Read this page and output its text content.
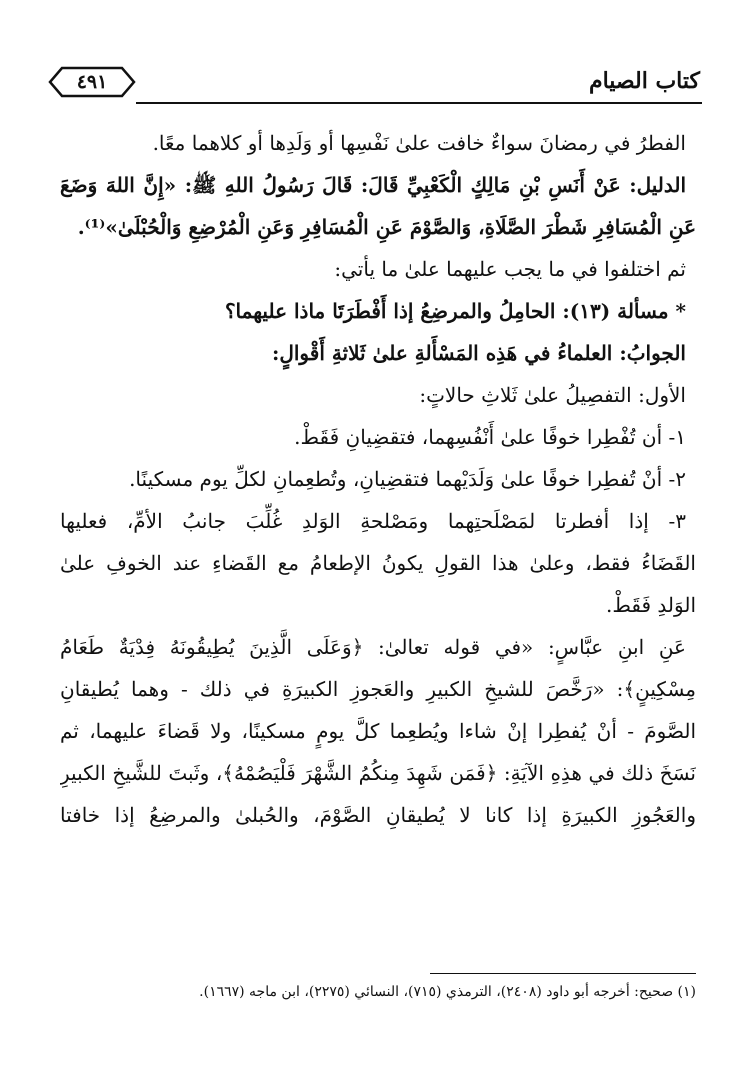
٤٩١	كتاب الصيام
الفطرُ في رمضانَ سواءٌ خافت علىٰ نَفْسِها أو وَلَدِها أو كلاهما معًا.
الدليل: عَنْ أَنَسِ بْنِ مَالِكٍ الْكَعْبِيِّ قَالَ: قَالَ رَسُولُ اللهِ ﷺ: «إِنَّ اللهَ وَضَعَ
عَنِ الْمُسَافِرِ شَطْرَ الصَّلَاةِ، وَالصَّوْمَ عَنِ الْمُسَافِرِ وَعَنِ الْمُرْضِعِ وَالْحُبْلَىٰ»⁽¹⁾.
ثم اختلفوا في ما يجب عليهما علىٰ ما يأتي:
* مسألة (١٣): الحامِلُ والمرضِعُ إذا أَفْطَرَتَا ماذا عليهما؟
الجوابُ: العلماءُ في هَذِه المَسْأَلةِ علىٰ ثَلاثةِ أَقْوالٍ:
الأول: التفصِيلُ علىٰ ثَلاثِ حالاتٍ:
١- أن تُفْطِرا خوفًا علىٰ أَنْفُسِهما، فتقضِيانِ فَقَطْ.
٢- أنْ تُفطِرا خوفًا علىٰ وَلَدَيْهما فتقضِيانِ، وتُطعِمانِ لكلِّ يوم مسكينًا.
٣- إذا أفطرتا لمَصْلَحتِهما ومَصْلحةِ الوَلدِ غُلِّبَ جانبُ الأمِّ، فعليها
القَضَاءُ فقط، وعلىٰ هذا القولِ يكونُ الإطعامُ مع القَضاءِ عند الخوفِ علىٰ
الوَلدِ فَقَطْ.
عَنِ ابنِ عبَّاسٍ: «في قوله تعالىٰ: ﴿وَعَلَى الَّذِينَ يُطِيقُونَهُ فِدْيَةٌ طَعَامُ
مِسْكِينٍ﴾: «رَخَّصَ للشيخِ الكبيرِ والعَجوزِ الكبيرَةِ في ذلك - وهما يُطيقانِ
الصَّومَ - أنْ يُفطِرا إنْ شاءا ويُطعِما كلَّ يومٍ مسكينًا، ولا قَضاءَ عليهما، ثم
نَسَخَ ذلك في هذِهِ الآيَةِ: ﴿فَمَن شَهِدَ مِنكُمُ الشَّهْرَ فَلْيَصُمْهُ﴾، وثَبتَ للشَّيخِ الكبيرِ
والعَجُوزِ الكبيرَةِ إذا كانا لا يُطيقانِ الصَّوْمَ، والحُبلىٰ والمرضِعُ إذا خافتا
(١) صحيح: أخرجه أبو داود (٢٤٠٨)، الترمذي (٧١٥)، النسائي (٢٢٧٥)، ابن ماجه (١٦٦٧).
